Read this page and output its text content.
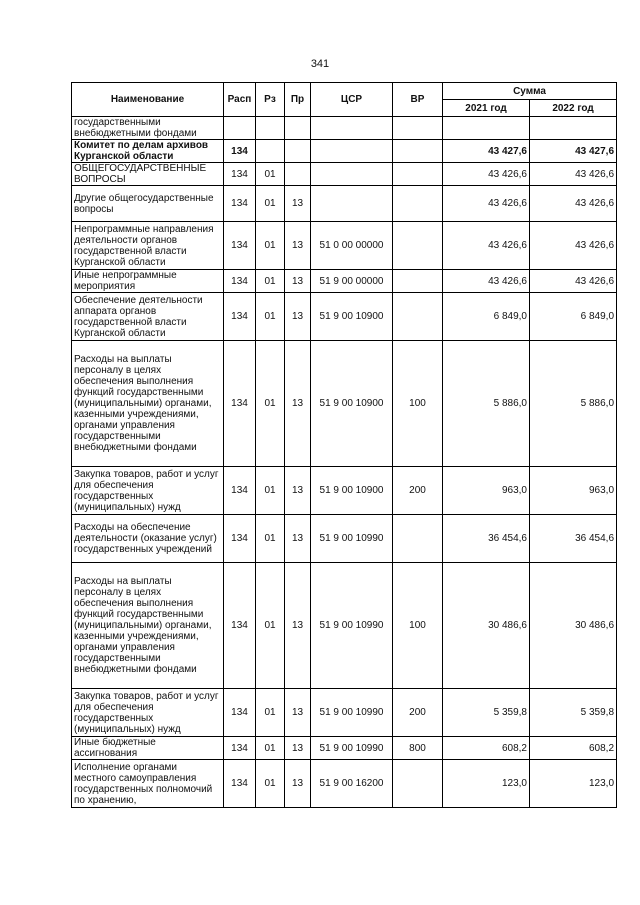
341
Наименование	Расп	Рз	Пр	ЦСР	ВР	Сумма	
						2021 год	2022 год
государственными внебюджетными фондами							
Комитет по делам архивов Курганской области	134					43 427,6	43 427,6
ОБЩЕГОСУДАРСТВЕННЫЕ ВОПРОСЫ	134	01				43 426,6	43 426,6
Другие общегосударственные вопросы	134	01	13			43 426,6	43 426,6
Непрограммные направления деятельности органов государственной власти Курганской области	134	01	13	51 0 00 00000		43 426,6	43 426,6
Иные непрограммные мероприятия	134	01	13	51 9 00 00000		43 426,6	43 426,6
Обеспечение деятельности аппарата органов государственной власти Курганской области	134	01	13	51 9 00 10900		6 849,0	6 849,0
Расходы на выплаты персоналу в целях обеспечения выполнения функций государственными (муниципальными) органами, казенными учреждениями, органами управления государственными внебюджетными фондами	134	01	13	51 9 00 10900	100	5 886,0	5 886,0
Закупка товаров, работ и услуг для обеспечения государственных (муниципальных) нужд	134	01	13	51 9 00 10900	200	963,0	963,0
Расходы на обеспечение деятельности (оказание услуг) государственных учреждений	134	01	13	51 9 00 10990		36 454,6	36 454,6
Расходы на выплаты персоналу в целях обеспечения выполнения функций государственными (муниципальными) органами, казенными учреждениями, органами управления государственными внебюджетными фондами	134	01	13	51 9 00 10990	100	30 486,6	30 486,6
Закупка товаров, работ и услуг для обеспечения государственных (муниципальных) нужд	134	01	13	51 9 00 10990	200	5 359,8	5 359,8
Иные бюджетные ассигнования	134	01	13	51 9 00 10990	800	608,2	608,2
Исполнение органами местного самоуправления государственных полномочий по хранению,	134	01	13	51 9 00 16200		123,0	123,0
